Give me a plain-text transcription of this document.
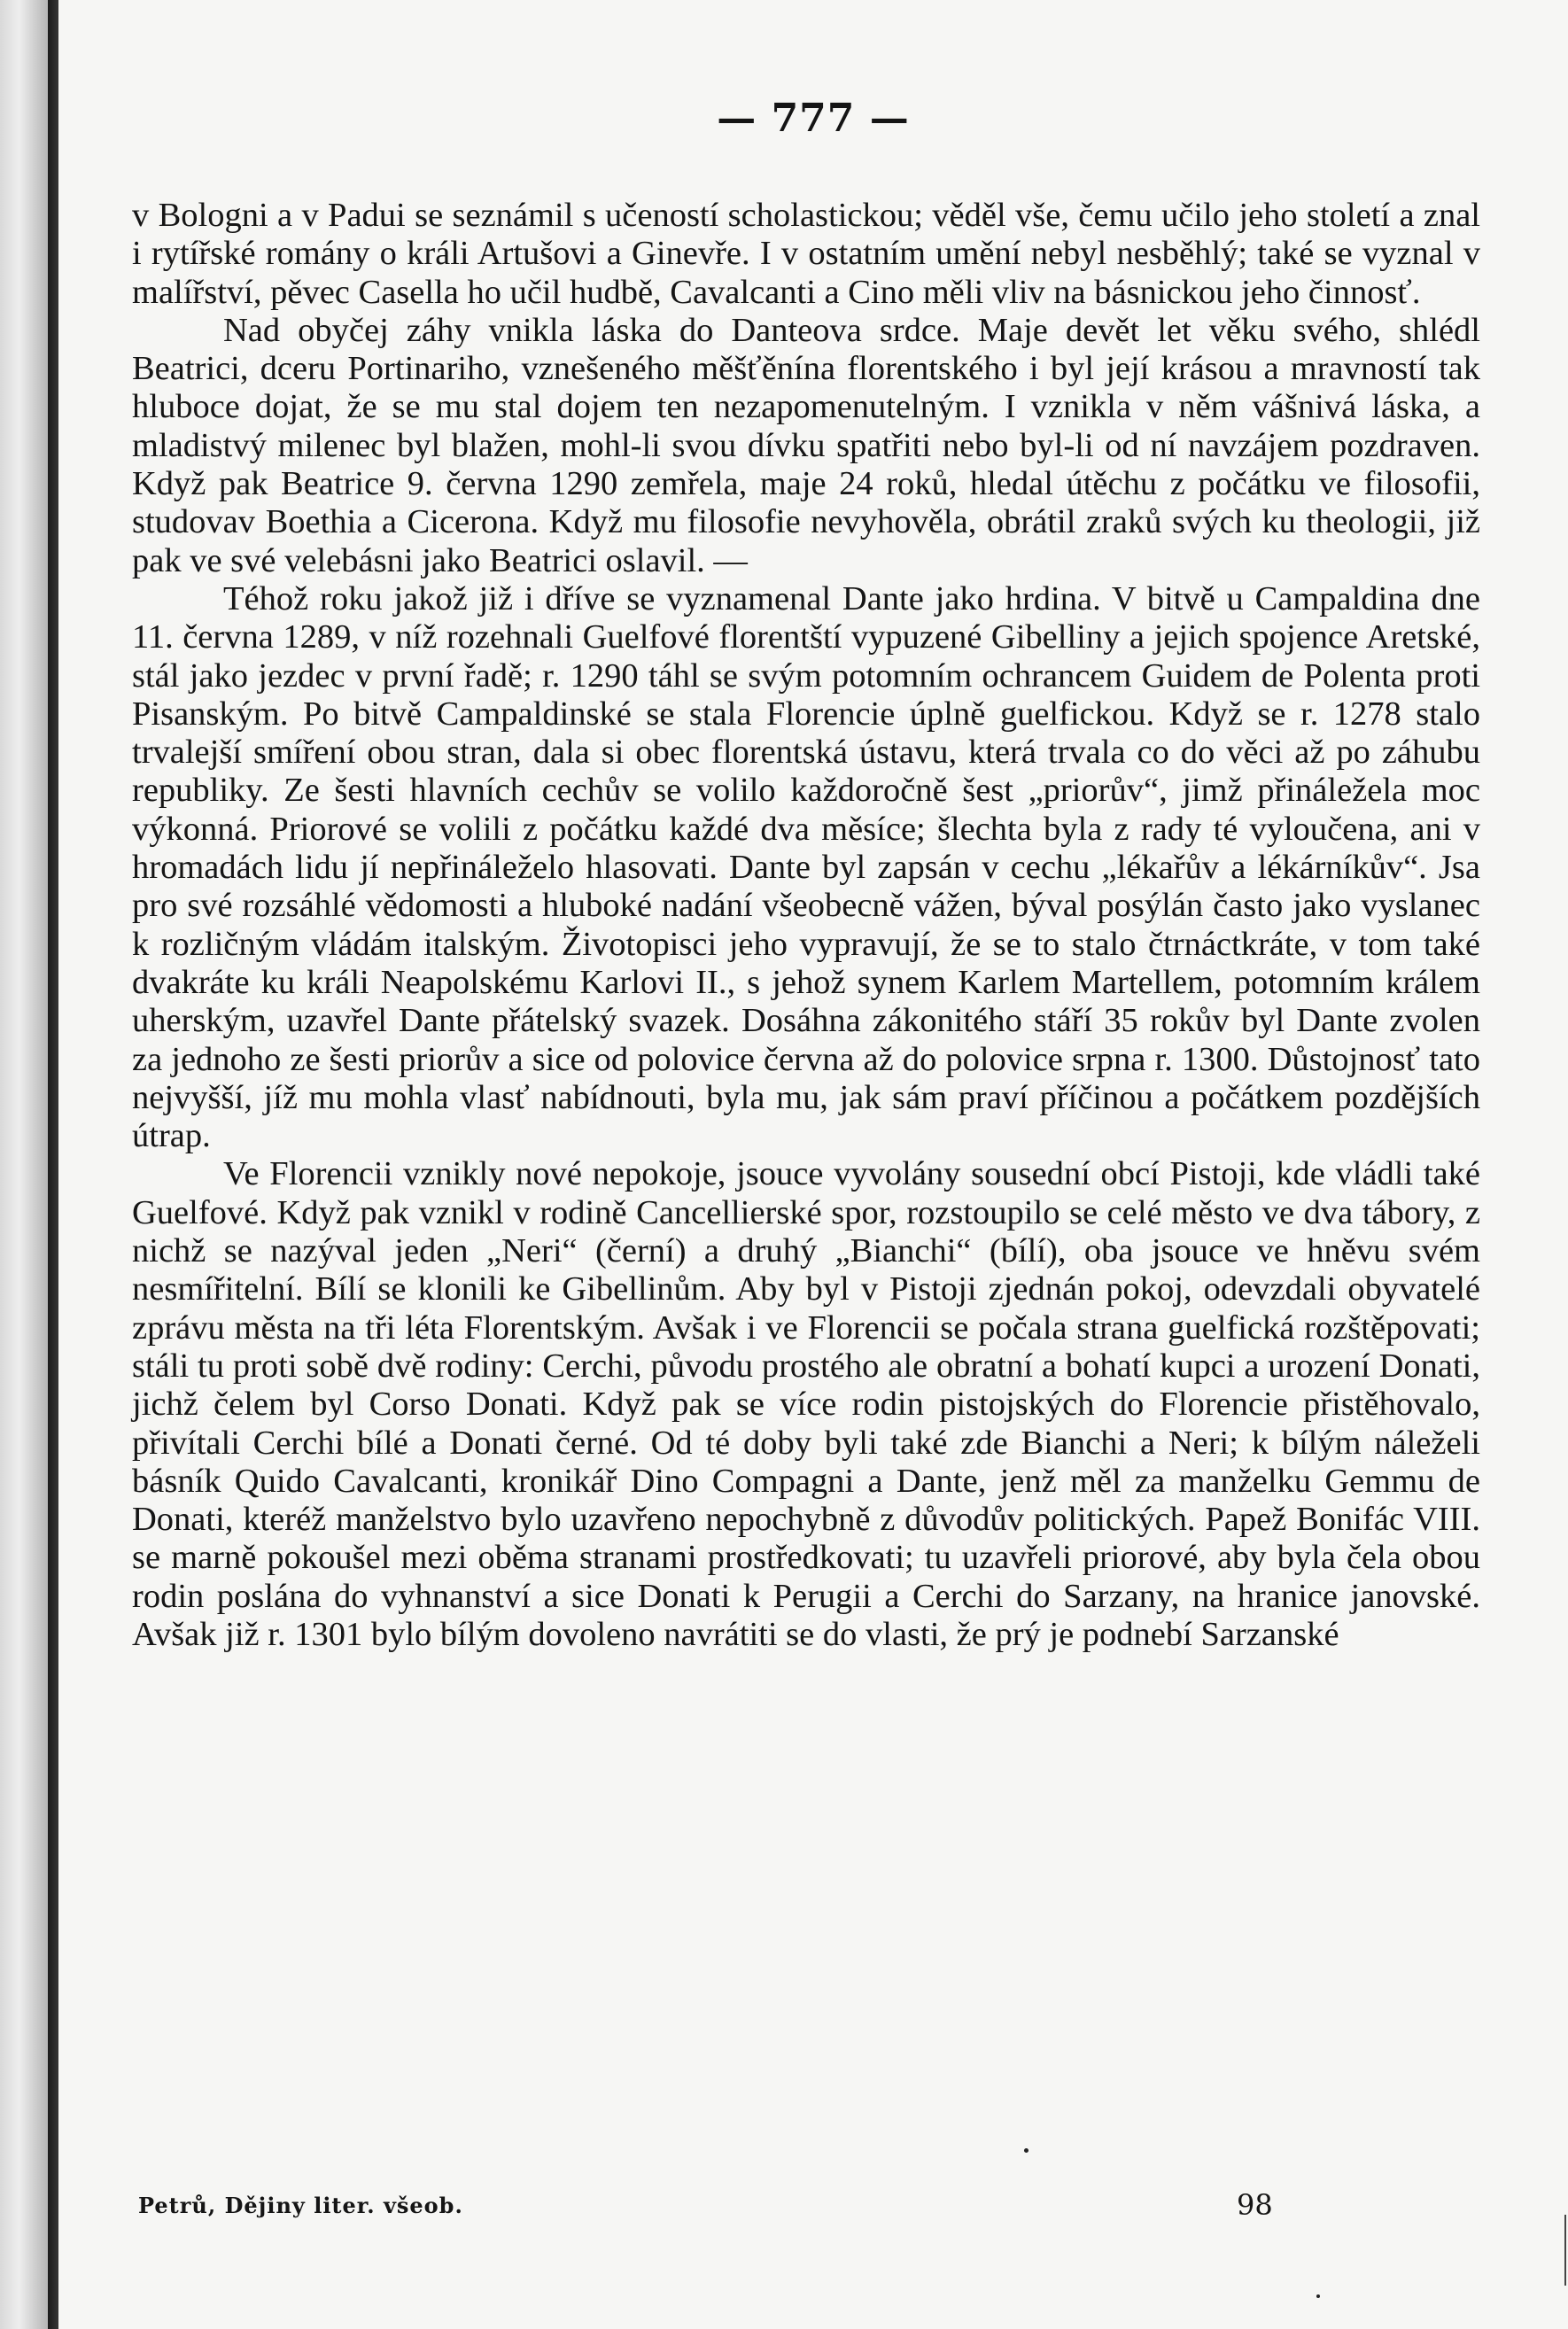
— 777 —

v Bologni a v Padui se seznámil s učeností scholastickou; věděl vše, čemu učilo jeho století a znal i rytířské romány o králi Artušovi a Ginevře. I v ostatním umění nebyl nesběhlý; také se vyznal v malířství, pěvec Casella ho učil hudbě, Cavalcanti a Cino měli vliv na básnickou jeho činnosť.

Nad obyčej záhy vnikla láska do Danteova srdce. Maje devět let věku svého, shlédl Beatrici, dceru Portinariho, vznešeného měšťěnína florentského i byl její krásou a mravností tak hluboce dojat, že se mu stal dojem ten nezapomenutelným. I vznikla v něm vášnivá láska, a mladistvý milenec byl blažen, mohl-li svou dívku spatřiti nebo byl-li od ní navzájem pozdraven. Když pak Beatrice 9. června 1290 zemřela, maje 24 roků, hledal útěchu z počátku ve filosofii, studovav Boethia a Cicerona. Když mu filosofie nevyhověla, obrátil zraků svých ku theologii, již pak ve své velebásni jako Beatrici oslavil. —

Téhož roku jakož již i dříve se vyznamenal Dante jako hrdina. V bitvě u Campaldina dne 11. června 1289, v níž rozehnali Guelfové florentští vypuzené Gibelliny a jejich spojence Aretské, stál jako jezdec v první řadě; r. 1290 táhl se svým potomním ochrancem Guidem de Polenta proti Pisanským. Po bitvě Campaldinské se stala Florencie úplně guelfickou. Když se r. 1278 stalo trvalejší smíření obou stran, dala si obec florentská ústavu, která trvala co do věci až po záhubu republiky. Ze šesti hlavních cechův se volilo každoročně šest „priorův“, jimž přináležela moc výkonná. Priorové se volili z počátku každé dva měsíce; šlechta byla z rady té vyloučena, ani v hromadách lidu jí nepřináleželo hlasovati. Dante byl zapsán v cechu „lékařův a lékárníkův“. Jsa pro své rozsáhlé vědomosti a hluboké nadání všeobecně vážen, býval posýlán často jako vyslanec k rozličným vládám italským. Životopisci jeho vypravují, že se to stalo čtrnáctkráte, v tom také dvakráte ku králi Neapolskému Karlovi II., s jehož synem Karlem Martellem, potomním králem uherským, uzavřel Dante přátelský svazek. Dosáhna zákonitého stáří 35 rokův byl Dante zvolen za jednoho ze šesti priorův a sice od polovice června až do polovice srpna r. 1300. Důstojnosť tato nejvyšší, jíž mu mohla vlasť nabídnouti, byla mu, jak sám praví příčinou a počátkem pozdějších útrap.

Ve Florencii vznikly nové nepokoje, jsouce vyvolány sousední obcí Pistoji, kde vládli také Guelfové. Když pak vznikl v rodině Cancellierské spor, rozstoupilo se celé město ve dva tábory, z nichž se nazýval jeden „Neri“ (černí) a druhý „Bianchi“ (bílí), oba jsouce ve hněvu svém nesmířitelní. Bílí se klonili ke Gibellinům. Aby byl v Pistoji zjednán pokoj, odevzdali obyvatelé zprávu města na tři léta Florentským. Avšak i ve Florencii se počala strana guelfická rozštěpovati; stáli tu proti sobě dvě rodiny: Cerchi, původu prostého ale obratní a bohatí kupci a urození Donati, jichž čelem byl Corso Donati. Když pak se více rodin pistojských do Florencie přistěhovalo, přivítali Cerchi bílé a Donati černé. Od té doby byli také zde Bianchi a Neri; k bílým náleželi básník Quido Cavalcanti, kronikář Dino Compagni a Dante, jenž měl za manželku Gemmu de Donati, kteréž manželstvo bylo uzavřeno nepochybně z důvodův politických. Papež Bonifác VIII. se marně pokoušel mezi oběma stranami prostředkovati; tu uzavřeli priorové, aby byla čela obou rodin poslána do vyhnanství a sice Donati k Perugii a Cerchi do Sarzany, na hranice janovské. Avšak již r. 1301 bylo bílým dovoleno navrátiti se do vlasti, že prý je podnebí Sarzanské

Petrů, Dějiny liter. všeob.	98
